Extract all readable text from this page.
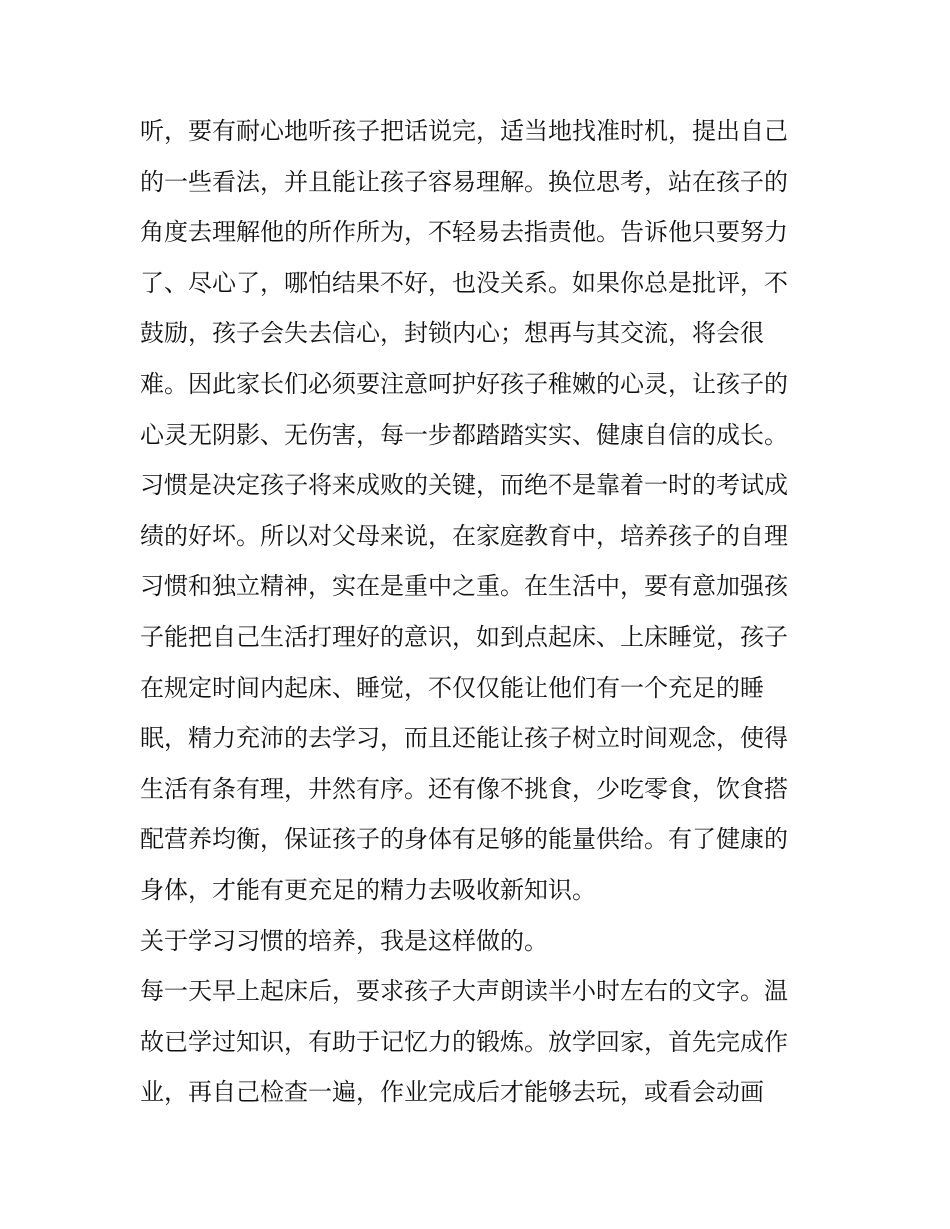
听，要有耐心地听孩子把话说完，适当地找准时机，提出自己
的一些看法，并且能让孩子容易理解。换位思考，站在孩子的
角度去理解他的所作所为，不轻易去指责他。告诉他只要努力
了、尽心了，哪怕结果不好，也没关系。如果你总是批评，不
鼓励，孩子会失去信心，封锁内心；想再与其交流，将会很
难。因此家长们必须要注意呵护好孩子稚嫩的心灵，让孩子的
心灵无阴影、无伤害，每一步都踏踏实实、健康自信的成长。
习惯是决定孩子将来成败的关键，而绝不是靠着一时的考试成
绩的好坏。所以对父母来说，在家庭教育中，培养孩子的自理
习惯和独立精神，实在是重中之重。在生活中，要有意加强孩
子能把自己生活打理好的意识，如到点起床、上床睡觉，孩子
在规定时间内起床、睡觉，不仅仅能让他们有一个充足的睡
眠，精力充沛的去学习，而且还能让孩子树立时间观念，使得
生活有条有理，井然有序。还有像不挑食，少吃零食，饮食搭
配营养均衡，保证孩子的身体有足够的能量供给。有了健康的
身体，才能有更充足的精力去吸收新知识。
关于学习习惯的培养，我是这样做的。
每一天早上起床后，要求孩子大声朗读半小时左右的文字。温
故已学过知识，有助于记忆力的锻炼。放学回家，首先完成作
业，再自己检查一遍，作业完成后才能够去玩，或看会动画
